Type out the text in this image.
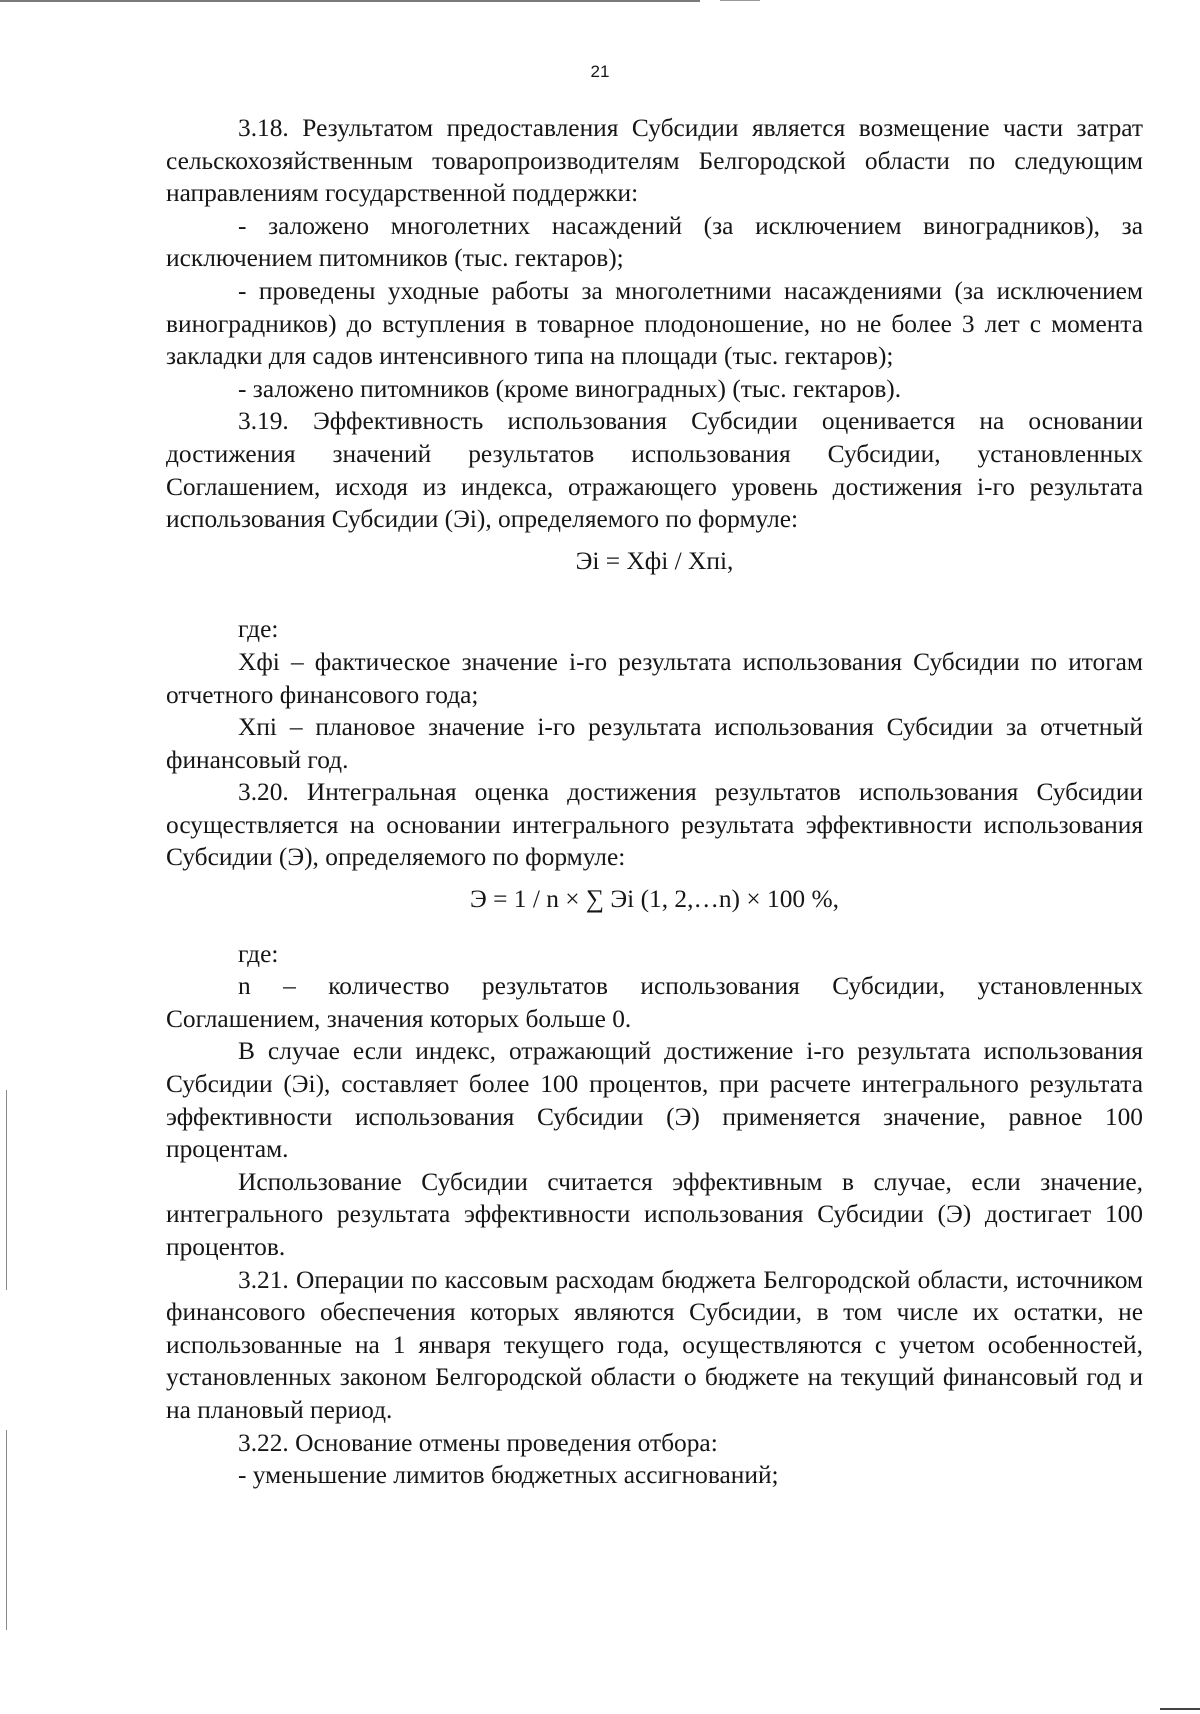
21

3.18. Результатом предоставления Субсидии является возмещение части затрат сельскохозяйственным товаропроизводителям Белгородской области по следующим направлениям государственной поддержки:

- заложено многолетних насаждений (за исключением виноградников), за исключением питомников (тыс. гектаров);

- проведены уходные работы за многолетними насаждениями (за исключением виноградников) до вступления в товарное плодоношение, но не более 3 лет с момента закладки для садов интенсивного типа на площади (тыс. гектаров);

- заложено питомников (кроме виноградных) (тыс. гектаров).

3.19. Эффективность использования Субсидии оценивается на основании достижения значений результатов использования Субсидии, установленных Соглашением, исходя из индекса, отражающего уровень достижения i-го результата использования Субсидии (Эi), определяемого по формуле:

Эi = Хфi / Хпi,

где:

Хфi – фактическое значение i-го результата использования Субсидии по итогам отчетного финансового года;

Хпi – плановое значение i-го результата использования Субсидии за отчетный финансовый год.

3.20. Интегральная оценка достижения результатов использования Субсидии осуществляется на основании интегрального результата эффективности использования Субсидии (Э), определяемого по формуле:

Э = 1 / n × ∑ Эi (1, 2,…n) × 100 %,

где:

n – количество результатов использования Субсидии, установленных Соглашением, значения которых больше 0.

В случае если индекс, отражающий достижение i-го результата использования Субсидии (Эi), составляет более 100 процентов, при расчете интегрального результата эффективности использования Субсидии (Э) применяется значение, равное 100 процентам.

Использование Субсидии считается эффективным в случае, если значение, интегрального результата эффективности использования Субсидии (Э) достигает 100 процентов.

3.21. Операции по кассовым расходам бюджета Белгородской области, источником финансового обеспечения которых являются Субсидии, в том числе их остатки, не использованные на 1 января текущего года, осуществляются с учетом особенностей, установленных законом Белгородской области о бюджете на текущий финансовый год и на плановый период.

3.22. Основание отмены проведения отбора:

- уменьшение лимитов бюджетных ассигнований;
